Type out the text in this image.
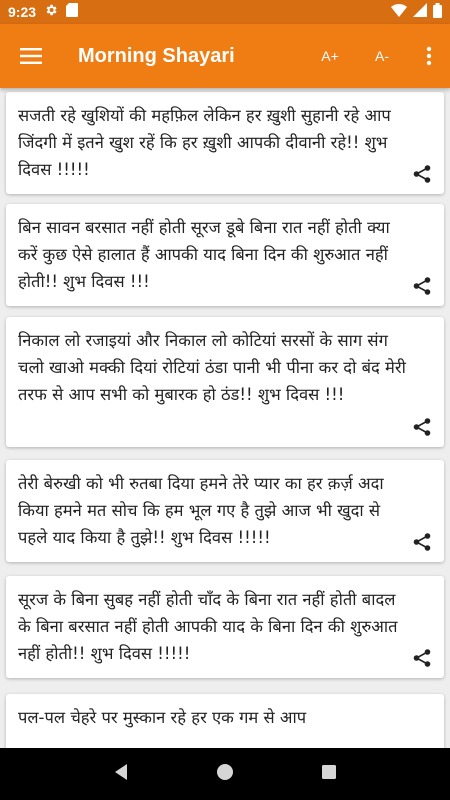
9:23
Morning Shayari	A+	A-
सजती रहे खुशियों की महफ़िल लेकिन हर ख़ुशी सुहानी रहे आप जिंदगी में इतने खुश रहें कि हर ख़ुशी आपकी दीवानी रहे!! शुभ दिवस !!!!!
बिन सावन बरसात नहीं होती सूरज डूबे बिना रात नहीं होती क्या करें कुछ ऐसे हालात हैं आपकी याद बिना दिन की शुरुआत नहीं होती!! शुभ दिवस !!!
निकाल लो रजाइयां और निकाल लो कोटियां सरसों के साग संग चलो खाओ मक्की दियां रोटियां ठंडा पानी भी पीना कर दो बंद मेरी तरफ से आप सभी को मुबारक हो ठंड!! शुभ दिवस !!!
तेरी बेरुखी को भी रुतबा दिया हमने तेरे प्यार का हर क़र्ज़ अदा किया हमने मत सोच कि हम भूल गए है तुझे आज भी खुदा से पहले याद किया है तुझे!! शुभ दिवस !!!!!
सूरज के बिना सुबह नहीं होती चाँद के बिना रात नहीं होती बादल के बिना बरसात नहीं होती आपकी याद के बिना दिन की शुरुआत नहीं होती!! शुभ दिवस !!!!!
पल-पल चेहरे पर मुस्कान रहे हर एक गम से आप
